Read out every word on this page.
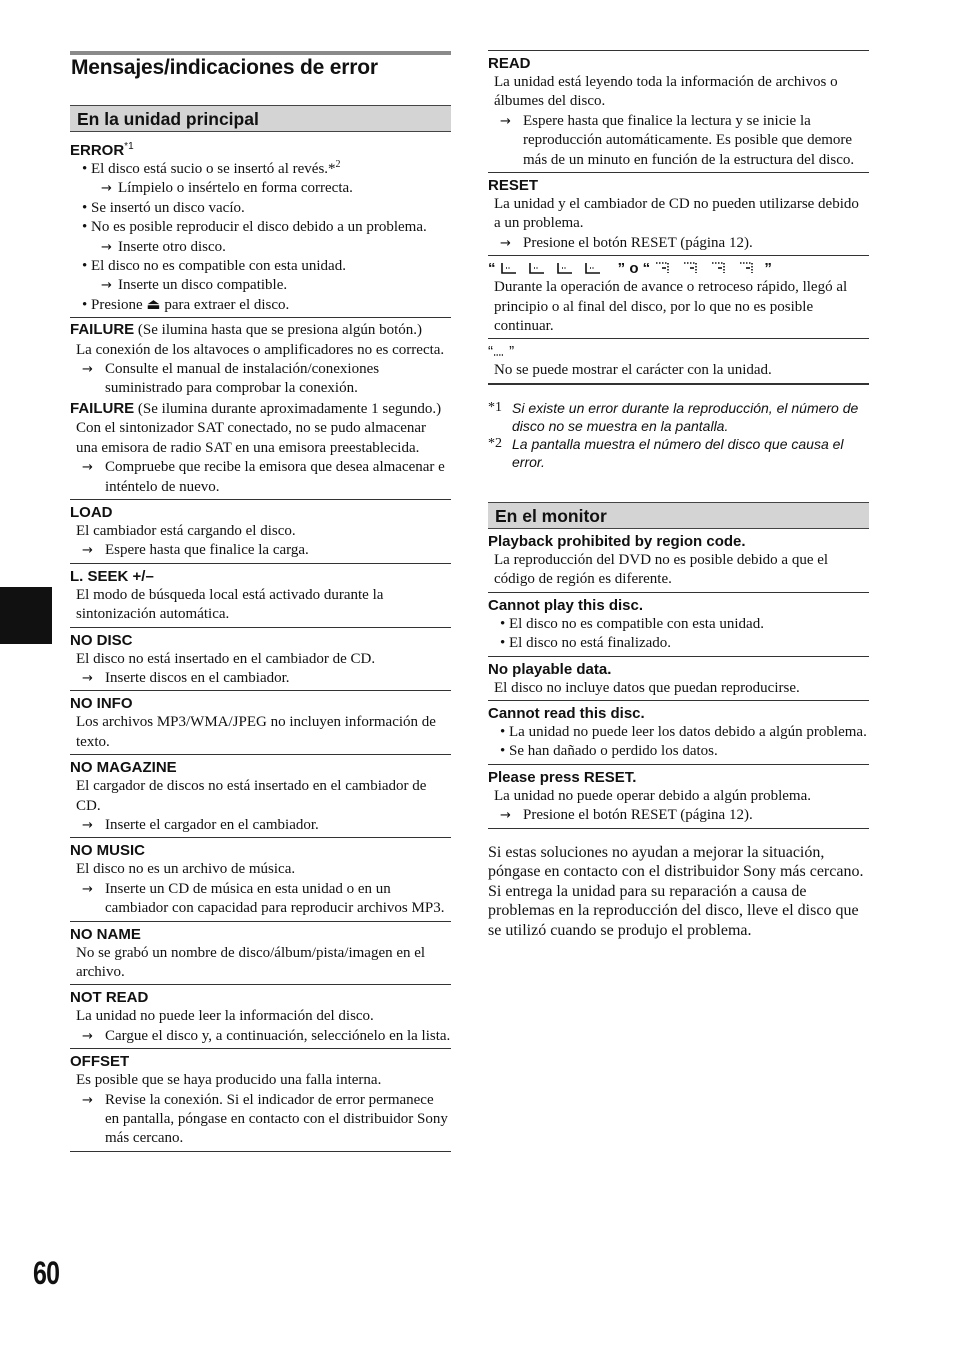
Mensajes/indicaciones de error
60
En la unidad principal
ERROR$^{*1}$
• El disco está sucio o se insertó al revés.*$^2$
→ Límpielo o insértelo en forma correcta.
• Se insertó un disco vacío.
• No es posible reproducir el disco debido a un problema.
→ Inserte otro disco.
• El disco no es compatible con esta unidad.
→ Inserte un disco compatible.
• Presione ⏏ para extraer el disco.
FAILURE (Se ilumina hasta que se presiona algún botón.)
La conexión de los altavoces o amplificadores no es correcta.
→ Consulte el manual de instalación/conexiones suministrado para comprobar la conexión.
FAILURE (Se ilumina durante aproximadamente 1 segundo.)
Con el sintonizador SAT conectado, no se pudo almacenar una emisora de radio SAT en una emisora preestablecida.
→ Compruebe que recibe la emisora que desea almacenar e inténtelo de nuevo.
LOAD
El cambiador está cargando el disco.
→ Espere hasta que finalice la carga.
L. SEEK +/–
El modo de búsqueda local está activado durante la sintonización automática.
NO DISC
El disco no está insertado en el cambiador de CD.
→ Inserte discos en el cambiador.
NO INFO
Los archivos MP3/WMA/JPEG no incluyen información de texto.
NO MAGAZINE
El cargador de discos no está insertado en el cambiador de CD.
→ Inserte el cargador en el cambiador.
NO MUSIC
El disco no es un archivo de música.
→ Inserte un CD de música en esta unidad o en un cambiador con capacidad para reproducir archivos MP3.
NO NAME
No se grabó un nombre de disco/álbum/pista/imagen en el archivo.
NOT READ
La unidad no puede leer la información del disco.
→ Cargue el disco y, a continuación, selecciónelo en la lista.
OFFSET
Es posible que se haya producido una falla interna.
→ Revise la conexión. Si el indicador de error permanece en pantalla, póngase en contacto con el distribuidor Sony más cercano.
READ
La unidad está leyendo toda la información de archivos o álbumes del disco.
→ Espere hasta que finalice la lectura y se inicie la reproducción automáticamente. Es posible que demore más de un minuto en función de la estructura del disco.
RESET
La unidad y el cambiador de CD no pueden utilizarse debido a un problema.
→ Presione el botón RESET (página 12).
“	” o “	”
Durante la operación de avance o retroceso rápido, llegó al principio o al final del disco, por lo que no es posible continuar.
“ ”
No se puede mostrar el carácter con la unidad.
*1 Si existe un error durante la reproducción, el número de disco no se muestra en la pantalla.
*2 La pantalla muestra el número del disco que causa el error.
En el monitor
Playback prohibited by region code.
La reproducción del DVD no es posible debido a que el código de región es diferente.
Cannot play this disc.
• El disco no es compatible con esta unidad.
• El disco no está finalizado.
No playable data.
El disco no incluye datos que puedan reproducirse.
Cannot read this disc.
• La unidad no puede leer los datos debido a algún problema.
• Se han dañado o perdido los datos.
Please press RESET.
La unidad no puede operar debido a algún problema.
→ Presione el botón RESET (página 12).
Si estas soluciones no ayudan a mejorar la situación, póngase en contacto con el distribuidor Sony más cercano.
Si entrega la unidad para su reparación a causa de problemas en la reproducción del disco, lleve el disco que se utilizó cuando se produjo el problema.
